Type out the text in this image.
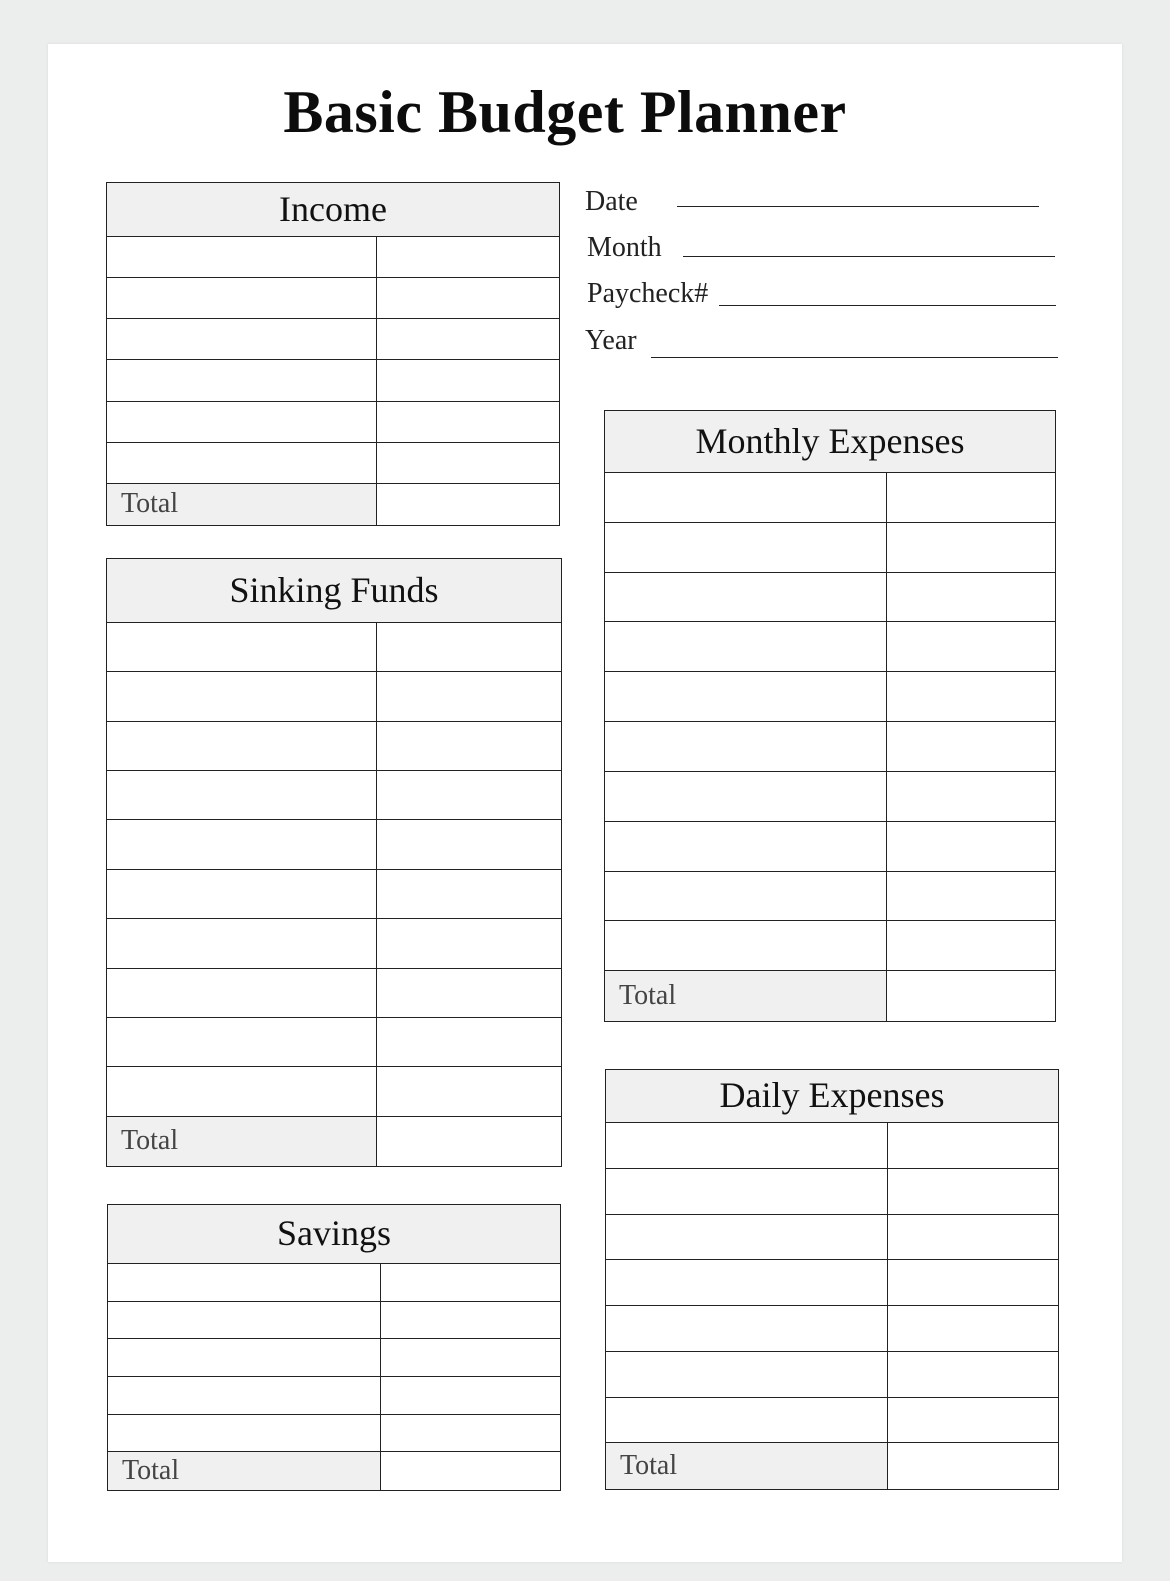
Basic Budget Planner
Date
Month
Paycheck#
Year
Income
Total
Sinking Funds
Total
Savings
Total
Monthly Expenses
Total
Daily Expenses
Total
